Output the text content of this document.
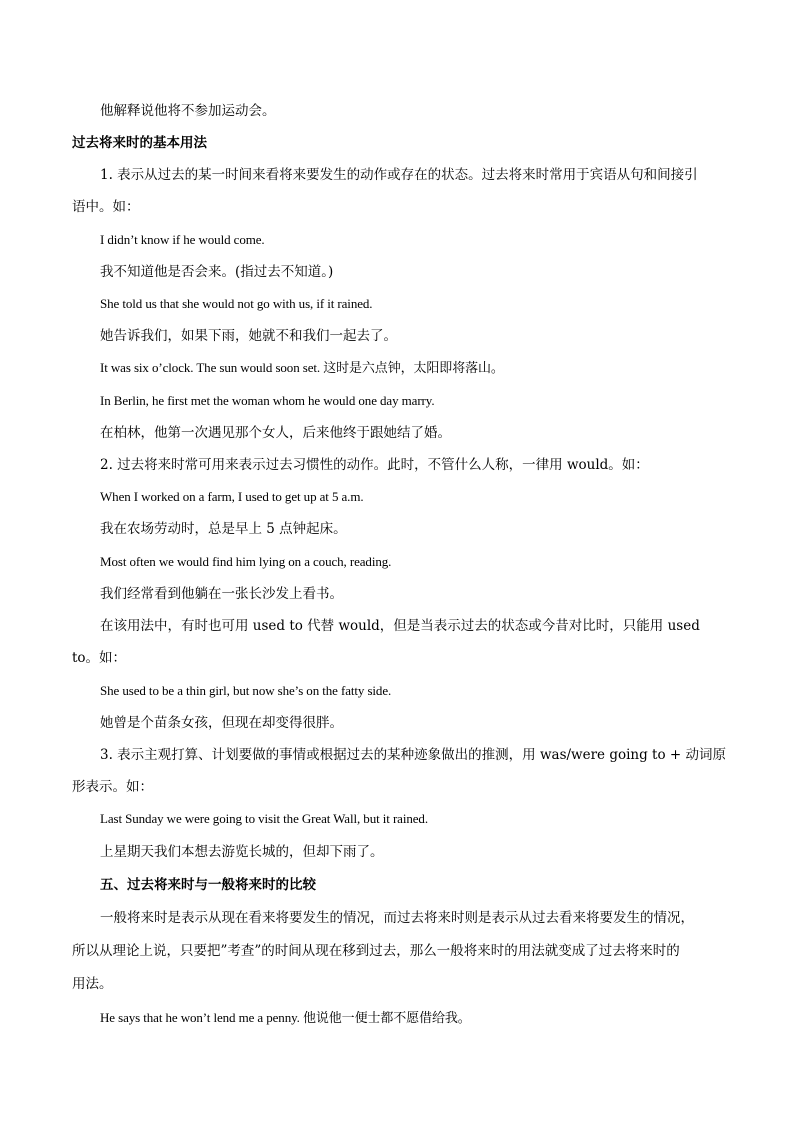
他解释说他将不参加运动会。
过去将来时的基本用法
1. 表示从过去的某一时间来看将来要发生的动作或存在的状态。过去将来时常用于宾语从句和间接引
语中。如：
I didn’t know if he would come.
我不知道他是否会来。(指过去不知道。)
She told us that she would not go with us, if it rained.
她告诉我们，如果下雨，她就不和我们一起去了。
It was six o’clock. The sun would soon set. 这时是六点钟，太阳即将落山。
In Berlin, he first met the woman whom he would one day marry.
在柏林，他第一次遇见那个女人，后来他终于跟她结了婚。
2. 过去将来时常可用来表示过去习惯性的动作。此时，不管什么人称，一律用 would。如：
When I worked on a farm, I used to get up at 5 a.m.
我在农场劳动时，总是早上 5 点钟起床。
Most often we would find him lying on a couch, reading.
我们经常看到他躺在一张长沙发上看书。
在该用法中，有时也可用 used to 代替 would，但是当表示过去的状态或今昔对比时，只能用 used
to。如：
She used to be a thin girl, but now she’s on the fatty side.
她曾是个苗条女孩，但现在却变得很胖。
3. 表示主观打算、计划要做的事情或根据过去的某种迹象做出的推测，用 was/were going to + 动词原
形表示。如：
Last Sunday we were going to visit the Great Wall, but it rained.
上星期天我们本想去游览长城的，但却下雨了。
五、过去将来时与一般将来时的比较
一般将来时是表示从现在看来将要发生的情况，而过去将来时则是表示从过去看来将要发生的情况，
所以从理论上说，只要把”考查”的时间从现在移到过去，那么一般将来时的用法就变成了过去将来时的
用法。
He says that he won’t lend me a penny. 他说他一便士都不愿借给我。
